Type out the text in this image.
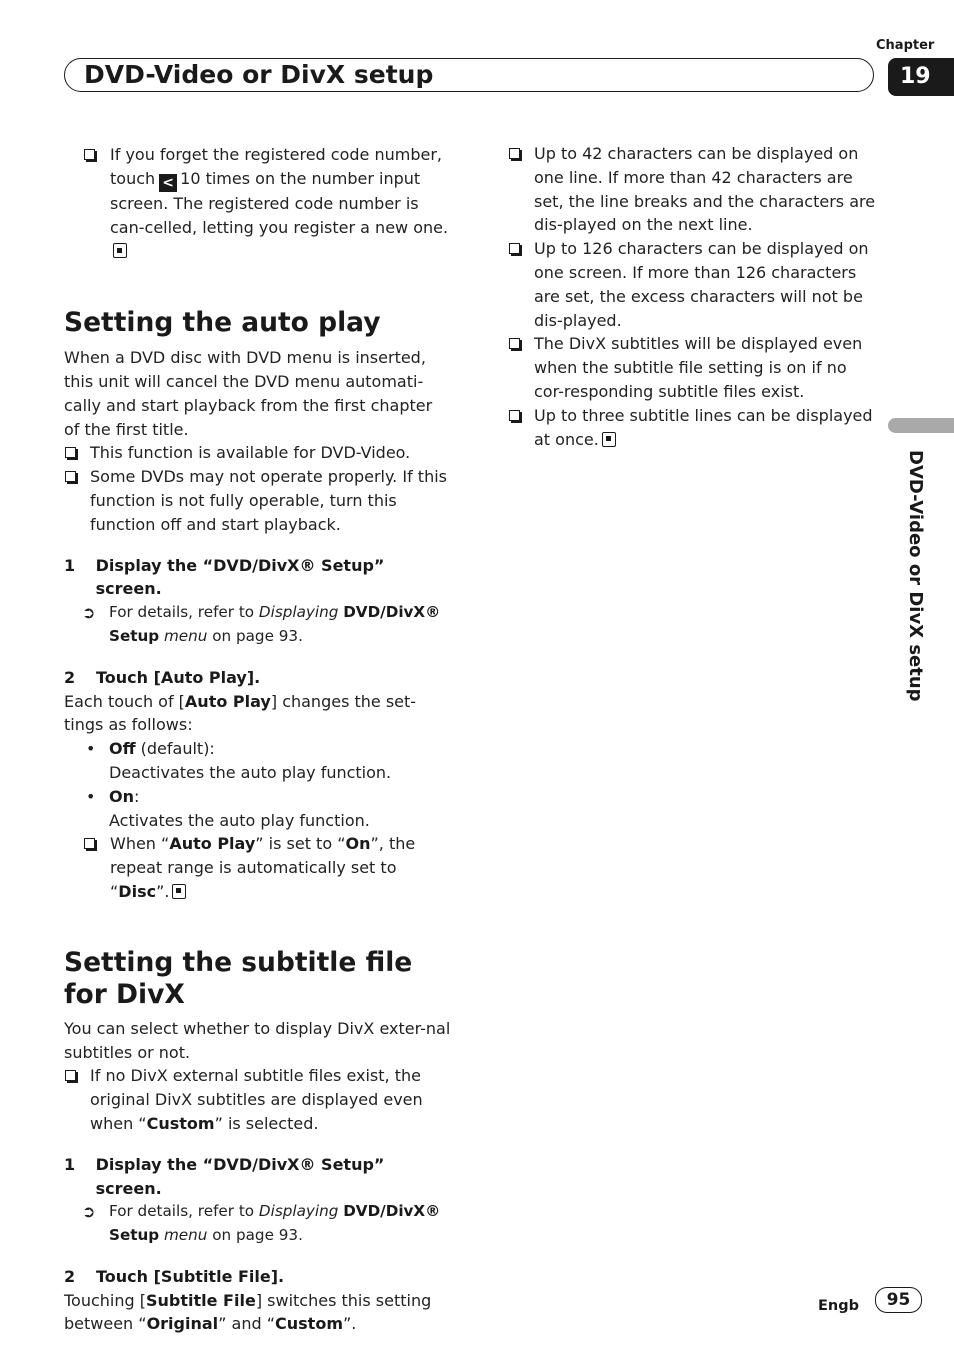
Chapter
DVD-Video or DivX setup	19
DVD-Video or DivX setup

If you forget the registered code number, touch < 10 times on the number input screen. The registered code number is can-celled, letting you register a new one.

Setting the auto play

When a DVD disc with DVD menu is inserted, this unit will cancel the DVD menu automati-cally and start playback from the first chapter of the first title.

This function is available for DVD-Video.

Some DVDs may not operate properly. If this function is not fully operable, turn this function off and start playback.

1	Display the “DVD/DivX® Setup” screen.

➲ For details, refer to Displaying DVD/DivX®
Setup menu on page 93.

2	Touch [Auto Play].

Each touch of [Auto Play] changes the set-tings as follows:

• Off (default):

Deactivates the auto play function.

• On:

Activates the auto play function.

When “Auto Play” is set to “On”, the repeat range is automatically set to “Disc”.

Setting the subtitle file for DivX

You can select whether to display DivX exter-nal subtitles or not.

If no DivX external subtitle files exist, the original DivX subtitles are displayed even when “Custom” is selected.

1	Display the “DVD/DivX® Setup” screen.

➲ For details, refer to Displaying DVD/DivX®
Setup menu on page 93.

2	Touch [Subtitle File].

Touching [Subtitle File] switches this setting between “Original” and “Custom”.

Up to 42 characters can be displayed on one line. If more than 42 characters are set, the line breaks and the characters are dis-played on the next line.

Up to 126 characters can be displayed on one screen. If more than 126 characters are set, the excess characters will not be dis-played.

The DivX subtitles will be displayed even when the subtitle file setting is on if no cor-responding subtitle files exist.

Up to three subtitle lines can be displayed at once.

Engb	95
